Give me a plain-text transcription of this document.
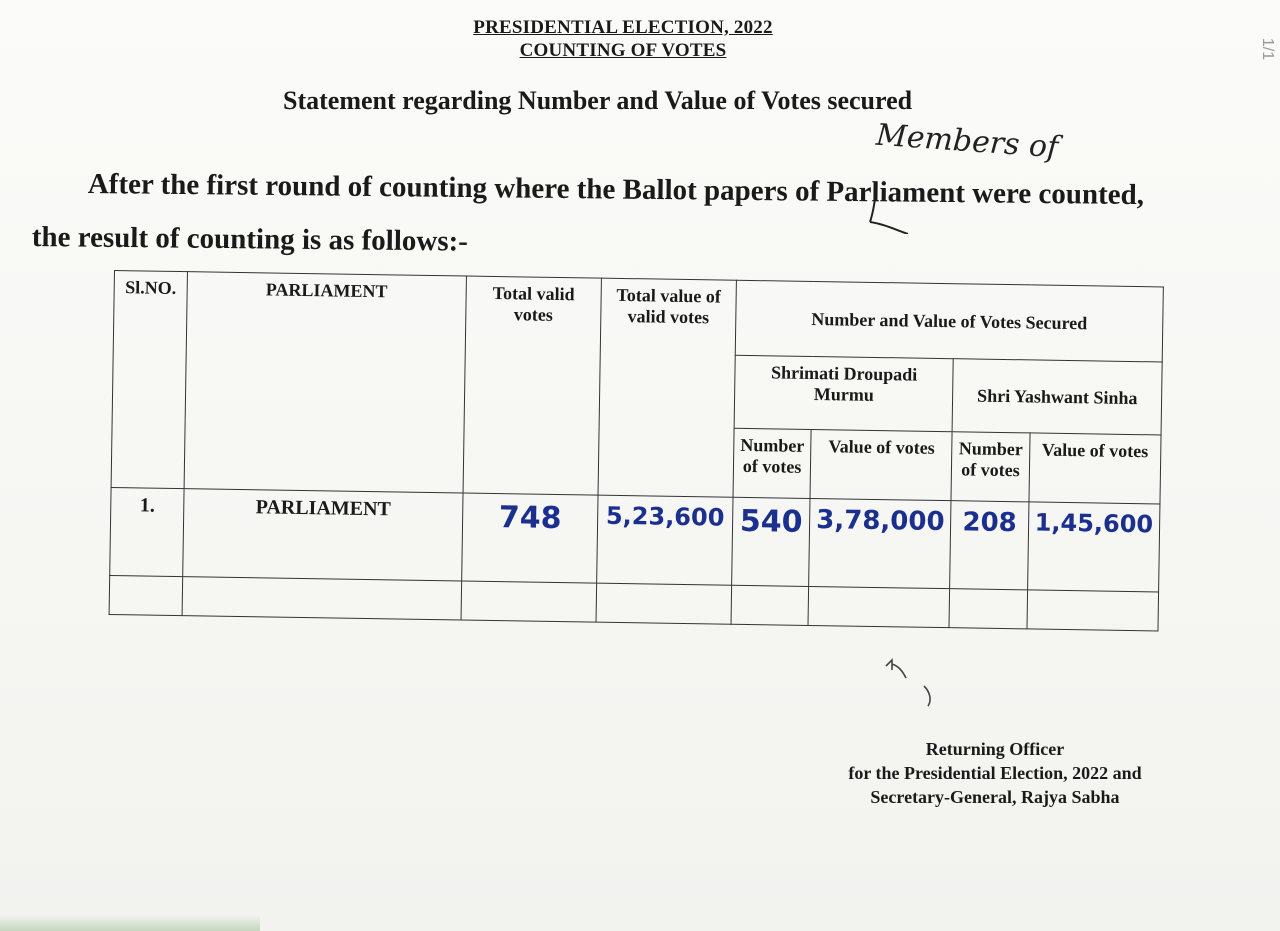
PRESIDENTIAL ELECTION, 2022
COUNTING OF VOTES	1/1
Statement regarding Number and Value of Votes secured
Members of
After the first round of counting where the Ballot papers of Parliament were counted,
the result of counting is as follows:-
Sl.NO.	PARLIAMENT	Total valid votes	Total value of valid votes	Number and Value of Votes Secured			
				Shrimati Droupadi Murmu		Shri Yashwant Sinha	
				Number of votes	Value of votes	Number of votes	Value of votes
1.	PARLIAMENT	748	5,23,600	540	3,78,000	208	1,45,600

Returning Officer
for the Presidential Election, 2022 and
Secretary-General, Rajya Sabha
